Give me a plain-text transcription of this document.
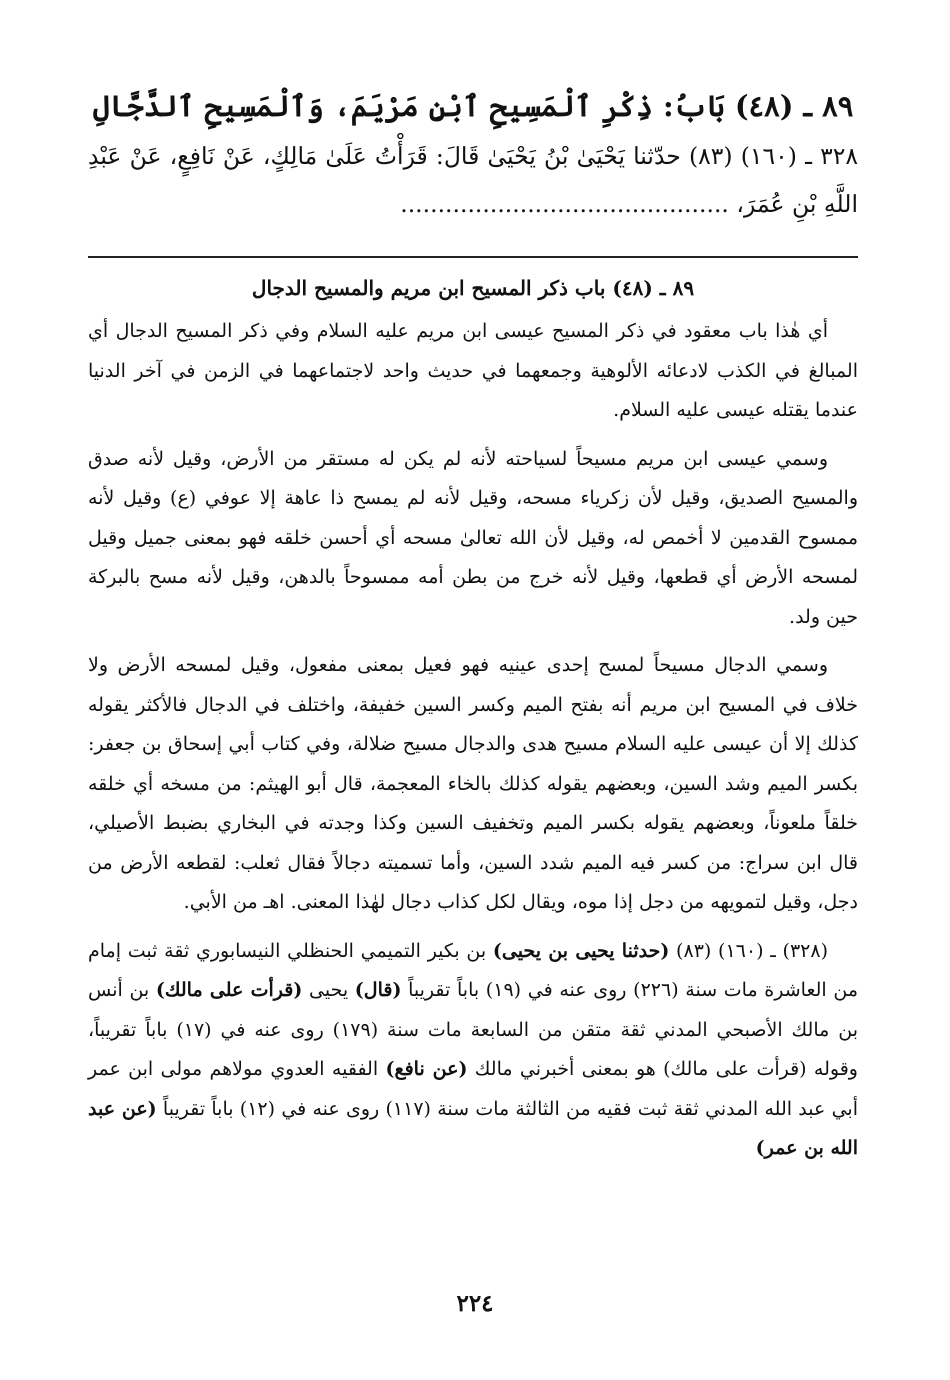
٨٩ ـ (٤٨) بَابُ: ذِكْرِ ٱلْمَسِيحِ ٱبْنِ مَرْيَمَ، وَٱلْمَسِيحِ ٱلدَّجَّالِ

٣٢٨ ـ (١٦٠) (٨٣) حدّثنا يَحْيَىٰ بْنُ يَحْيَىٰ قَالَ: قَرَأْتُ عَلَىٰ مَالِكٍ، عَنْ نَافِعٍ، عَنْ عَبْدِ اللَّهِ بْنِ عُمَرَ، ............................................

٨٩ ـ (٤٨) باب ذكر المسيح ابن مريم والمسيح الدجال

أي هٰذا باب معقود في ذكر المسيح عيسى ابن مريم عليه السلام وفي ذكر المسيح الدجال أي المبالغ في الكذب لادعائه الألوهية وجمعهما في حديث واحد لاجتماعهما في الزمن في آخر الدنيا عندما يقتله عيسى عليه السلام.

وسمي عيسى ابن مريم مسيحاً لسياحته لأنه لم يكن له مستقر من الأرض، وقيل لأنه صدق والمسيح الصديق، وقيل لأن زكرياء مسحه، وقيل لأنه لم يمسح ذا عاهة إلا عوفي (ع) وقيل لأنه ممسوح القدمين لا أخمص له، وقيل لأن الله تعالىٰ مسحه أي أحسن خلقه فهو بمعنى جميل وقيل لمسحه الأرض أي قطعها، وقيل لأنه خرج من بطن أمه ممسوحاً بالدهن، وقيل لأنه مسح بالبركة حين ولد.

وسمي الدجال مسيحاً لمسح إحدى عينيه فهو فعيل بمعنى مفعول، وقيل لمسحه الأرض ولا خلاف في المسيح ابن مريم أنه بفتح الميم وكسر السين خفيفة، واختلف في الدجال فالأكثر يقوله كذلك إلا أن عيسى عليه السلام مسيح هدى والدجال مسيح ضلالة، وفي كتاب أبي إسحاق بن جعفر: بكسر الميم وشد السين، وبعضهم يقوله كذلك بالخاء المعجمة، قال أبو الهيثم: من مسخه أي خلقه خلقاً ملعوناً، وبعضهم يقوله بكسر الميم وتخفيف السين وكذا وجدته في البخاري بضبط الأصيلي، قال ابن سراج: من كسر فيه الميم شدد السين، وأما تسميته دجالاً فقال ثعلب: لقطعه الأرض من دجل، وقيل لتمويهه من دجل إذا موه، ويقال لكل كذاب دجال لهٰذا المعنى. اهـ من الأبي.

(٣٢٨) ـ (١٦٠) (٨٣) (حدثنا يحيى بن يحيى) بن بكير التميمي الحنظلي النيسابوري ثقة ثبت إمام من العاشرة مات سنة (٢٢٦) روى عنه في (١٩) باباً تقريباً (قال) يحيى (قرأت على مالك) بن أنس بن مالك الأصبحي المدني ثقة متقن من السابعة مات سنة (١٧٩) روى عنه في (١٧) باباً تقريباً، وقوله (قرأت على مالك) هو بمعنى أخبرني مالك (عن نافع) الفقيه العدوي مولاهم مولى ابن عمر أبي عبد الله المدني ثقة ثبت فقيه من الثالثة مات سنة (١١٧) روى عنه في (١٢) باباً تقريباً (عن عبد الله بن عمر)

٢٢٤
